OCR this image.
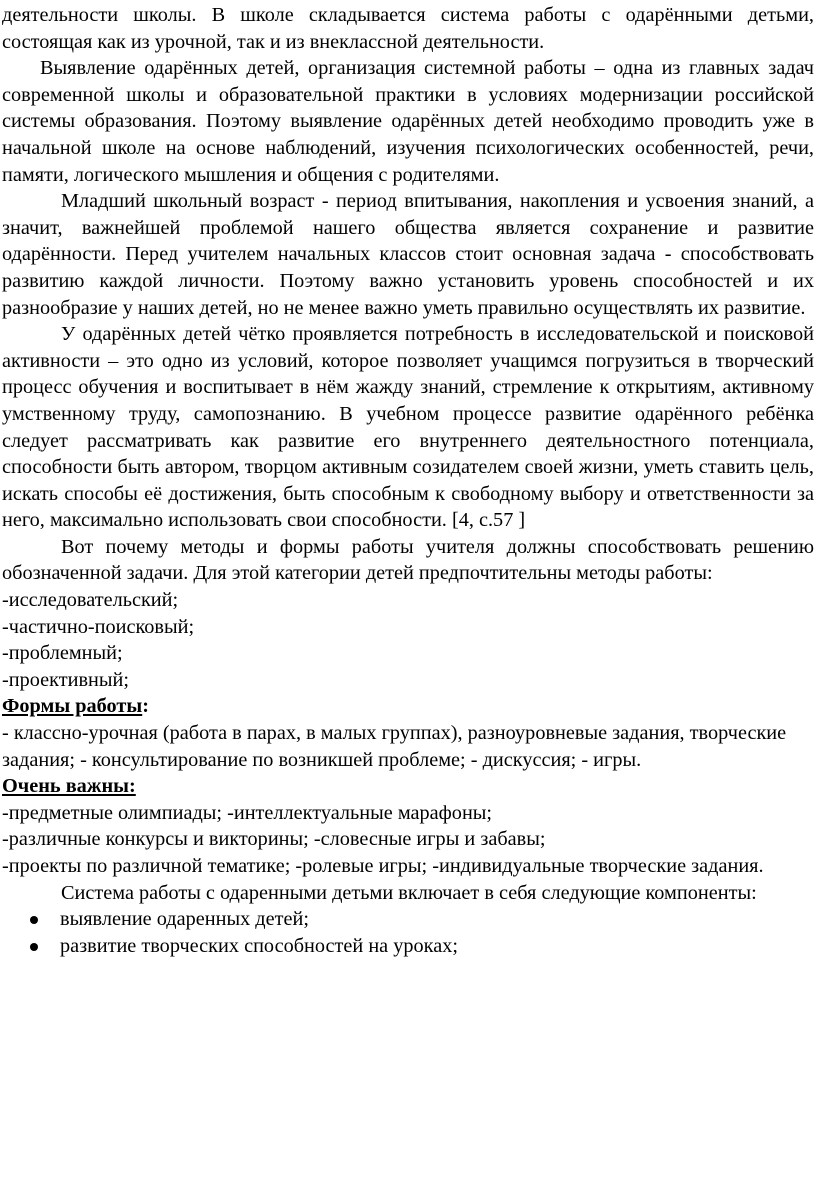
деятельности школы. В школе складывается система работы с одарёнными детьми, состоящая как из урочной, так и из внеклассной деятельности.

Выявление одарённых детей, организация системной работы – одна из главных задач современной школы и образовательной практики в условиях модернизации российской системы образования. Поэтому выявление одарённых детей необходимо проводить уже в начальной школе на основе наблюдений, изучения психологических особенностей, речи, памяти, логического мышления и общения с родителями.

Младший школьный возраст - период впитывания, накопления и усвоения знаний, а значит, важнейшей проблемой нашего общества является сохранение и развитие одарённости. Перед учителем начальных классов стоит основная задача - способствовать развитию каждой личности. Поэтому важно установить уровень способностей и их разнообразие у наших детей, но не менее важно уметь правильно осуществлять их развитие.

У одарённых детей чётко проявляется потребность в исследовательской и поисковой активности – это одно из условий, которое позволяет учащимся погрузиться в творческий процесс обучения и воспитывает в нём жажду знаний, стремление к открытиям, активному умственному труду, самопознанию. В учебном процессе развитие одарённого ребёнка следует рассматривать как развитие его внутреннего деятельностного потенциала, способности быть автором, творцом активным созидателем своей жизни, уметь ставить цель, искать способы её достижения, быть способным к свободному выбору и ответственности за него, максимально использовать свои способности. [4, с.57 ]

Вот почему методы и формы работы учителя должны способствовать решению обозначенной задачи. Для этой категории детей предпочтительны методы работы:

-исследовательский;

-частично-поисковый;

-проблемный;

-проективный;

Формы работы:

- классно-урочная (работа в парах, в малых группах), разноуровневые задания, творческие задания; - консультирование по возникшей проблеме; - дискуссия; - игры.

Очень важны:

-предметные олимпиады; -интеллектуальные марафоны;

-различные конкурсы и викторины; -словесные игры и забавы;

-проекты по различной тематике; -ролевые игры; -индивидуальные творческие задания.

Система работы с одаренными детьми включает в себя следующие компоненты:

выявление одаренных детей;
развитие творческих способностей на уроках;
